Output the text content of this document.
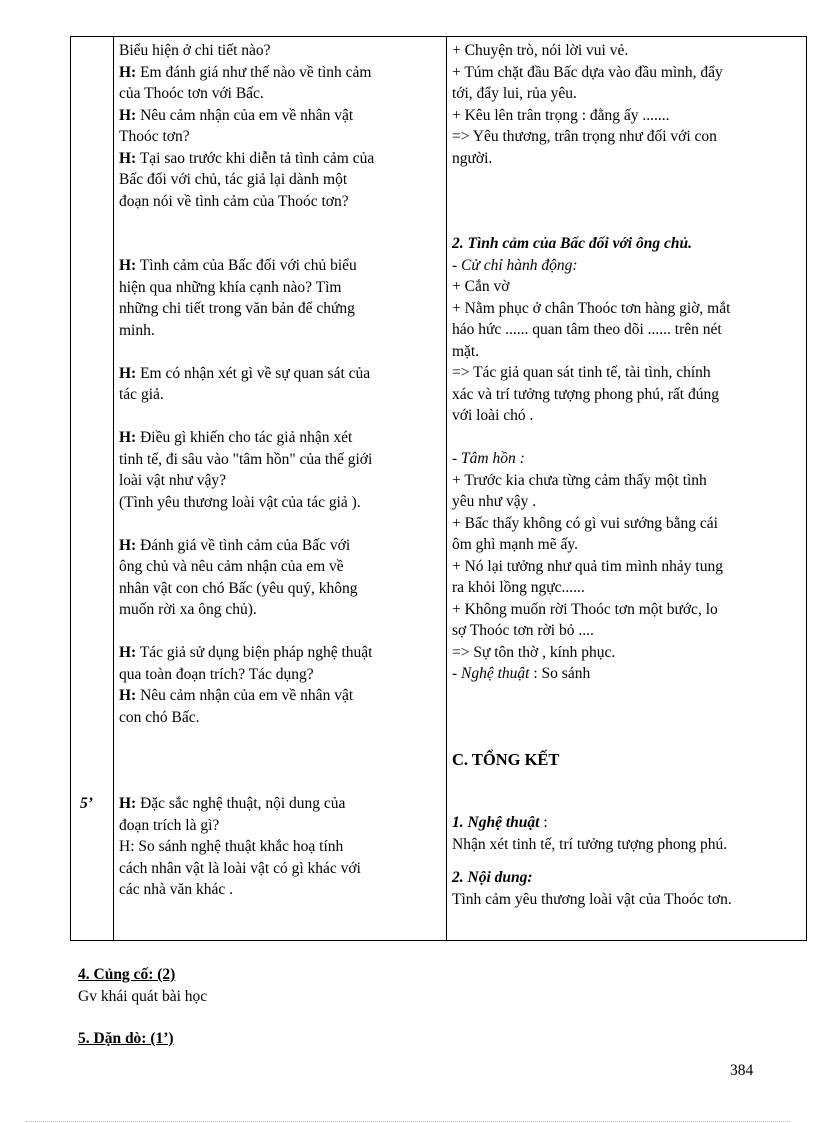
5’

Biểu hiện ở chi tiết nào?

H: Em đánh giá như thế nào về tình cảm

của Thoóc tơn với Bấc.

H: Nêu cảm nhận của em về nhân vật

Thoóc tơn?

H: Tại sao trước khi diễn tả tình cảm của

Bấc đối với chủ, tác giả lại dành một

đoạn nói về tình cảm của Thoóc tơn?

H: Tình cảm của Bấc đối với chủ biểu

hiện qua những khía cạnh nào? Tìm

những chi tiết trong văn bản để chứng

minh.

H: Em có nhận xét gì về sự quan sát của

tác giả.

H: Điều gì khiến cho tác giả nhận xét

tinh tế, đi sâu vào "tâm hồn" của thế giới

loài vật như vậy?

(Tình yêu thương loài vật của tác giả ).

H: Đánh giá về tình cảm của Bấc với

ông chủ và nêu cảm nhận của em về

nhân vật con chó Bấc (yêu quý, không

muốn rời xa ông chủ).

H: Tác giả sử dụng biện pháp nghệ thuật

qua toàn đoạn trích? Tác dụng?

H: Nêu cảm nhận của em về nhân vật

con chó Bấc.

H: Đặc sắc nghệ thuật, nội dung của

đoạn trích là gì?

H: So sánh nghệ thuật khắc hoạ tính

cách nhân vật là loài vật có gì khác với

các nhà văn khác .

+ Chuyện trò, nói lời vui vẻ.

+ Túm chặt đầu Bấc dựa vào đầu mình, đẩy

tới, đẩy lui, rủa yêu.

+ Kêu lên trân trọng : đằng ấy .......

=> Yêu thương, trân trọng như đối với con

người.

2. Tình cảm của Bấc đối với ông chủ.

- Cử chỉ hành động:

+ Cắn vờ

+ Nằm phục ở chân Thoóc tơn hàng giờ, mắt

háo hức ...... quan tâm theo dõi ...... trên nét

mặt.

=> Tác giả quan sát tinh tế, tài tình, chính

xác và trí tưởng tượng phong phú, rất đúng

với loài chó .

- Tâm hồn :

+ Trước kia chưa từng cảm thấy một tình

yêu như vậy .

+ Bấc thấy không có gì vui sướng bằng cái

ôm ghì mạnh mẽ ấy.

+ Nó lại tưởng như quả tim mình nhảy tung

ra khỏi lồng ngực......

+ Không muốn rời Thoóc tơn một bước, lo

sợ Thoóc tơn rời bỏ ....

=> Sự tôn thờ , kính phục.

- Nghệ thuật : So sánh

C. TỔNG KẾT

1. Nghệ thuật :

Nhận xét tinh tế, trí tưởng tượng phong phú.

2. Nội dung:

Tình cảm yêu thương loài vật của Thoóc tơn.

4. Củng cố: (2)

Gv khái quát bài học

5. Dặn dò: (1’)

384
